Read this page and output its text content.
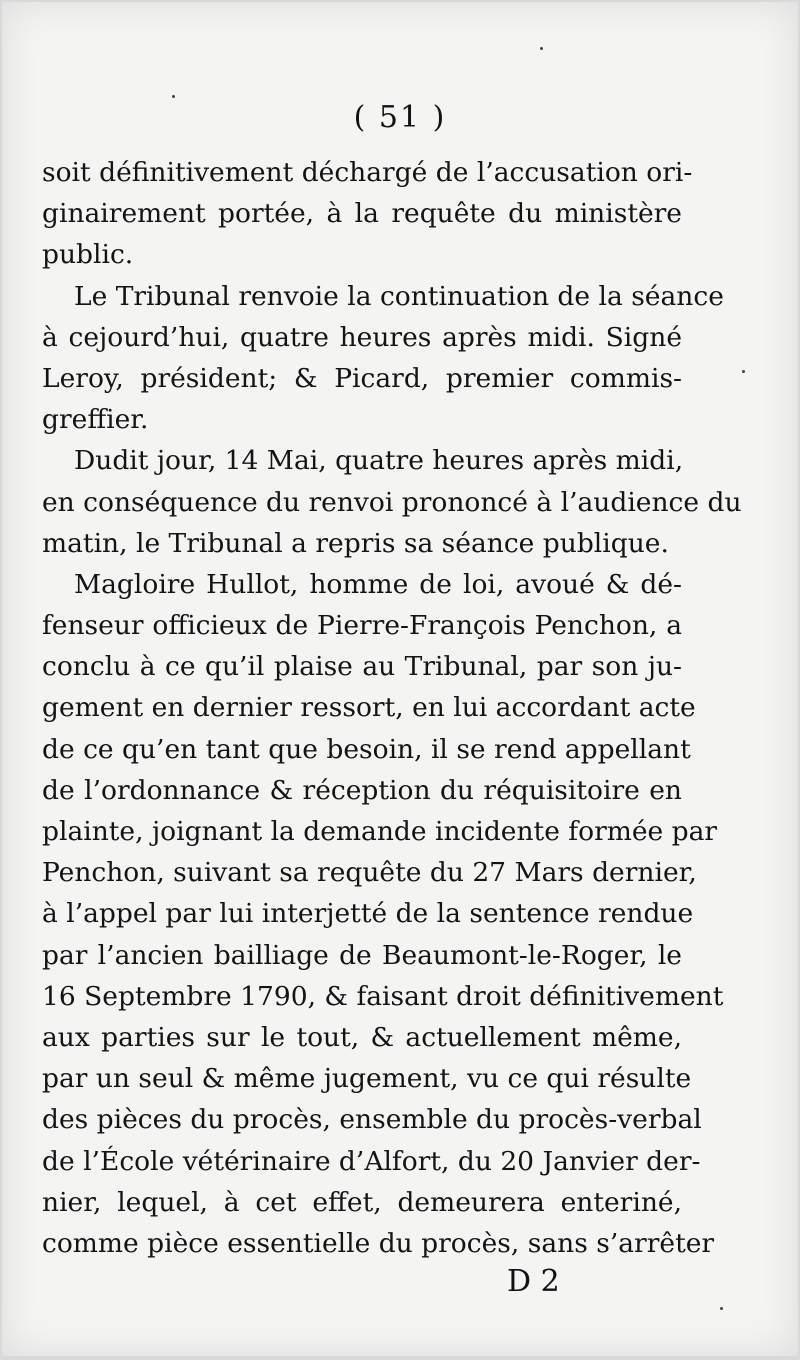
( 51 )
soit définitivement déchargé de l’accusation ori-
ginairement portée, à la requête du ministère
public.
Le Tribunal renvoie la continuation de la séance
à cejourd’hui, quatre heures après midi. Signé
Leroy, président; & Picard, premier commis-
greffier.
Dudit jour, 14 Mai, quatre heures après midi,
en conséquence du renvoi prononcé à l’audience du
matin, le Tribunal a repris sa séance publique.
Magloire Hullot, homme de loi, avoué & dé-
fenseur officieux de Pierre-François Penchon, a
conclu à ce qu’il plaise au Tribunal, par son ju-
gement en dernier ressort, en lui accordant acte
de ce qu’en tant que besoin, il se rend appellant
de l’ordonnance & réception du réquisitoire en
plainte, joignant la demande incidente formée par
Penchon, suivant sa requête du 27 Mars dernier,
à l’appel par lui interjetté de la sentence rendue
par l’ancien bailliage de Beaumont-le-Roger, le
16 Septembre 1790, & faisant droit définitivement
aux parties sur le tout, & actuellement même,
par un seul & même jugement, vu ce qui résulte
des pièces du procès, ensemble du procès-verbal
de l’École vétérinaire d’Alfort, du 20 Janvier der-
nier, lequel, à cet effet, demeurera enteriné,
comme pièce essentielle du procès, sans s’arrêter
D 2
